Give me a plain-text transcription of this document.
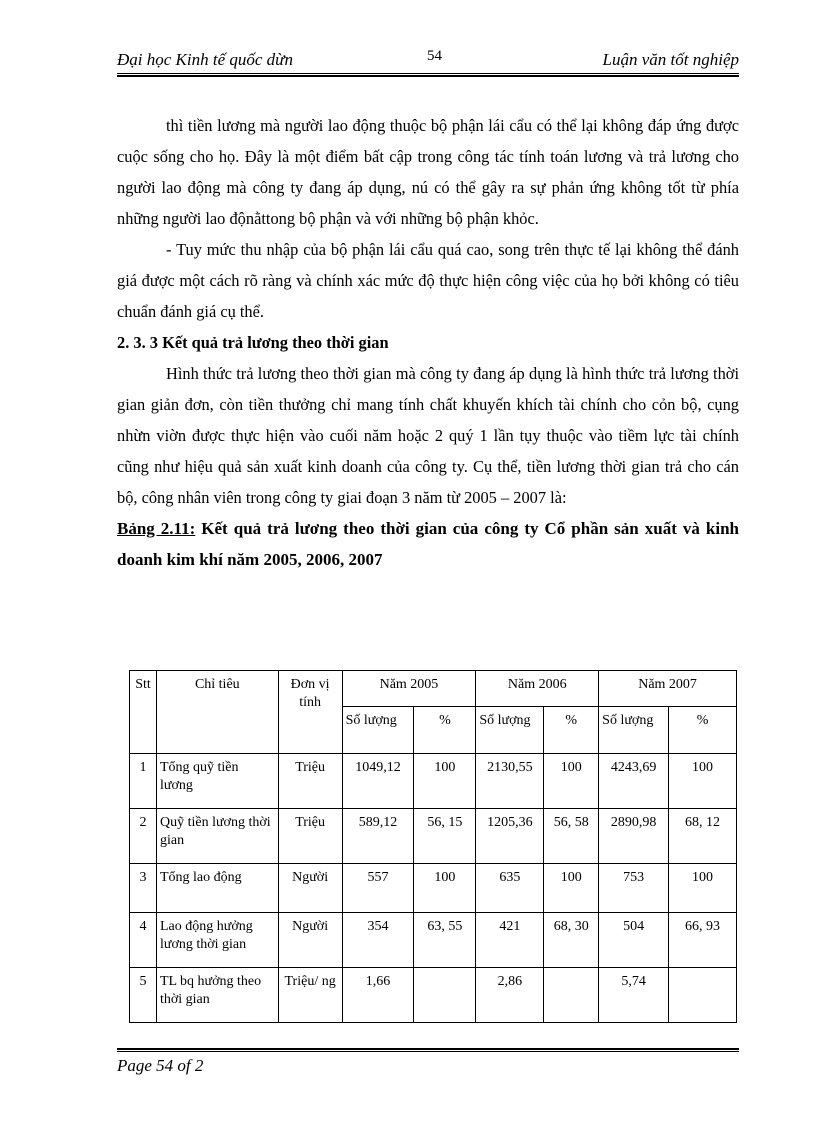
Đại học Kinh tế quốc dừn	54	Luận văn tốt nghiệp

thì tiền lương mà người lao động thuộc bộ phận lái cẩu có thể lại không đáp ứng được cuộc sống cho họ. Đây là một điểm bất cập trong công tác tính toán lương và trả lương cho người lao động mà công ty đang áp dụng, nú có thể gây ra sự phản ứng không tốt từ phía những người lao độnằttong bộ phận và với những bộ phận khỏc.

- Tuy mức thu nhập của bộ phận lái cẩu quá cao, song trên thực tế lại không thể đánh giá được một cách rõ ràng và chính xác mức độ thực hiện công việc của họ bởi không có tiêu chuẩn đánh giá cụ thể.

2. 3. 3 Kết quả trả lương theo thời gian

Hình thức trả lương theo thời gian mà công ty đang áp dụng là hình thức trả lương thời gian giản đơn, còn tiền thưởng chỉ mang tính chất khuyến khích tài chính cho cỏn bộ, cụng nhừn viờn được thực hiện vào cuối năm hoặc 2 quý 1 lần tụy thuộc vào tiềm lực tài chính cũng như hiệu quả sản xuất kinh doanh của công ty. Cụ thể, tiền lương thời gian trả cho cán bộ, công nhân viên trong công ty giai đoạn 3 năm từ 2005 – 2007 là:

Bảng 2.11: Kết quả trả lương theo thời gian của công ty Cổ phần sản xuất và kinh doanh kim khí năm 2005, 2006, 2007

Stt	Chỉ tiêu	Đơn vị tính	Năm 2005		Năm 2006		Năm 2007	
			Số lượng	%	Số lượng	%	Số lượng	%
1	Tổng quỹ tiền lương	Triệu	1049,12	100	2130,55	100	4243,69	100
2	Quỹ tiền lương thời gian	Triệu	589,12	56, 15	1205,36	56, 58	2890,98	68, 12
3	Tổng lao động	Người	557	100	635	100	753	100
4	Lao động hưởng lương thời gian	Người	354	63, 55	421	68, 30	504	66, 93
5	TL bq hưởng theo thời gian	Triệu/ ng	1,66		2,86		5,74	
Page 54 of 2
